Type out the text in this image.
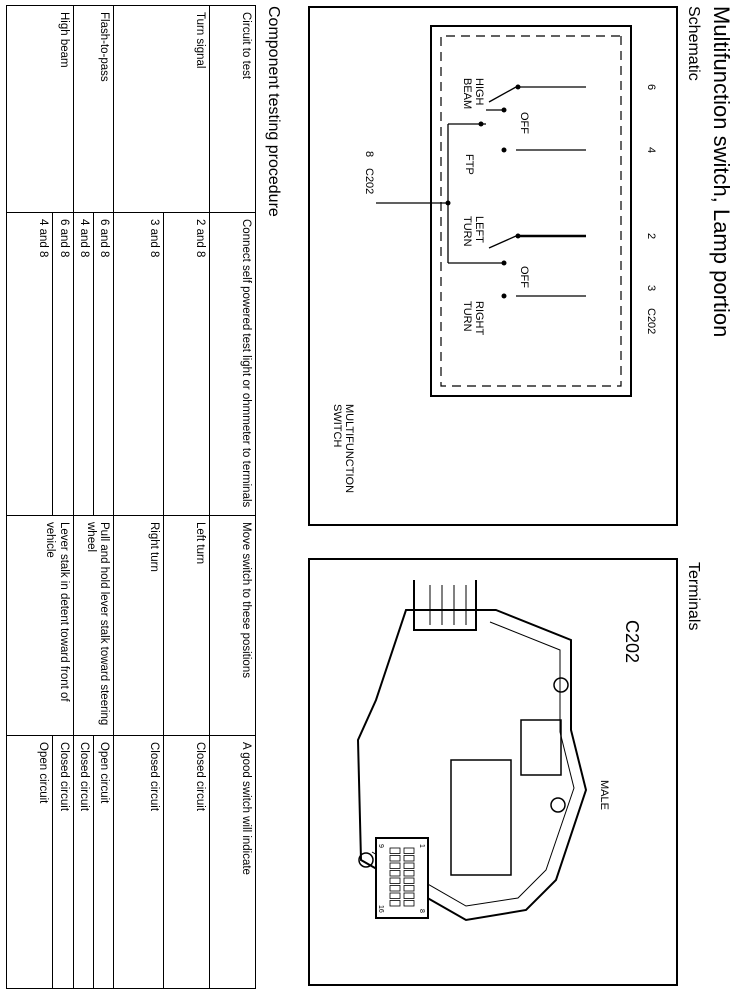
Multifunction switch, Lamp portion
Schematic
Terminals
6
4
2
3
C202
8
C202
HIGH
BEAM
OFF
FTP
LEFT
TURN
OFF
RIGHT
TURN
MULTIFUNCTION
SWITCH
C202
MALE
1
9
8
16
Component testing procedure
Circuit to test	Connect self powered test light or ohmmeter to terminals	Move switch to these positions	A good switch will indicate
Turn signal	2 and 8	Left turn	Closed circuit
	3 and 8	Right turn	Closed circuit
Flash-to-pass	6 and 8	Pull and hold lever stalk toward steering wheel	Open circuit
	4 and 8		Closed circuit
High beam	6 and 8	Lever stalk in detent toward front of vehicle	Closed circuit
	4 and 8		Open circuit
